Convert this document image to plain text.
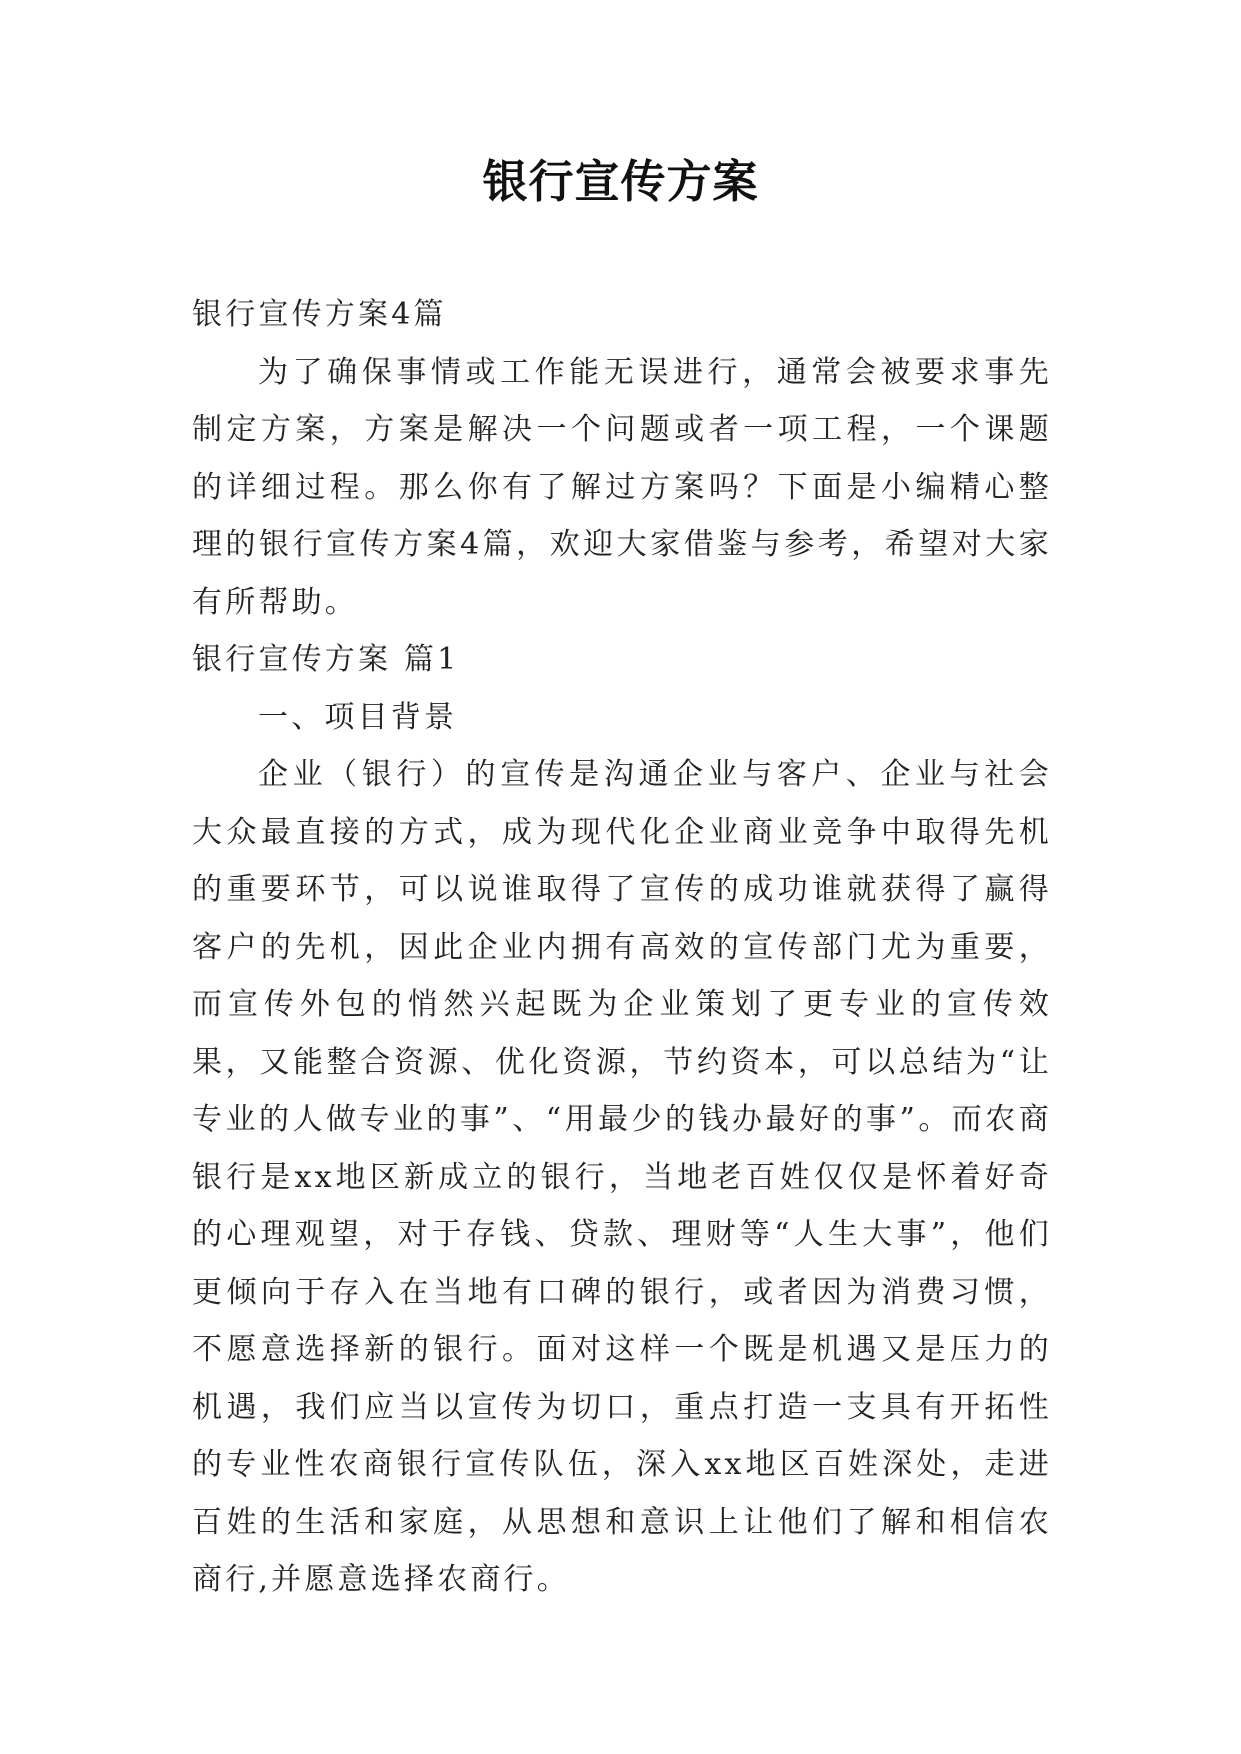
银行宣传方案

银行宣传方案4篇

为了确保事情或工作能无误进行，通常会被要求事先制定方案，方案是解决一个问题或者一项工程，一个课题的详细过程。那么你有了解过方案吗？下面是小编精心整理的银行宣传方案4篇，欢迎大家借鉴与参考，希望对大家有所帮助。

银行宣传方案 篇1

一、项目背景

企业（银行）的宣传是沟通企业与客户、企业与社会大众最直接的方式，成为现代化企业商业竞争中取得先机的重要环节，可以说谁取得了宣传的成功谁就获得了赢得客户的先机，因此企业内拥有高效的宣传部门尤为重要，而宣传外包的悄然兴起既为企业策划了更专业的宣传效果，又能整合资源、优化资源，节约资本，可以总结为“让专业的人做专业的事”、“用最少的钱办最好的事”。而农商银行是xx地区新成立的银行，当地老百姓仅仅是怀着好奇的心理观望，对于存钱、贷款、理财等“人生大事”，他们更倾向于存入在当地有口碑的银行，或者因为消费习惯，不愿意选择新的银行。面对这样一个既是机遇又是压力的机遇，我们应当以宣传为切口，重点打造一支具有开拓性的专业性农商银行宣传队伍，深入xx地区百姓深处，走进百姓的生活和家庭，从思想和意识上让他们了解和相信农商行,并愿意选择农商行。
